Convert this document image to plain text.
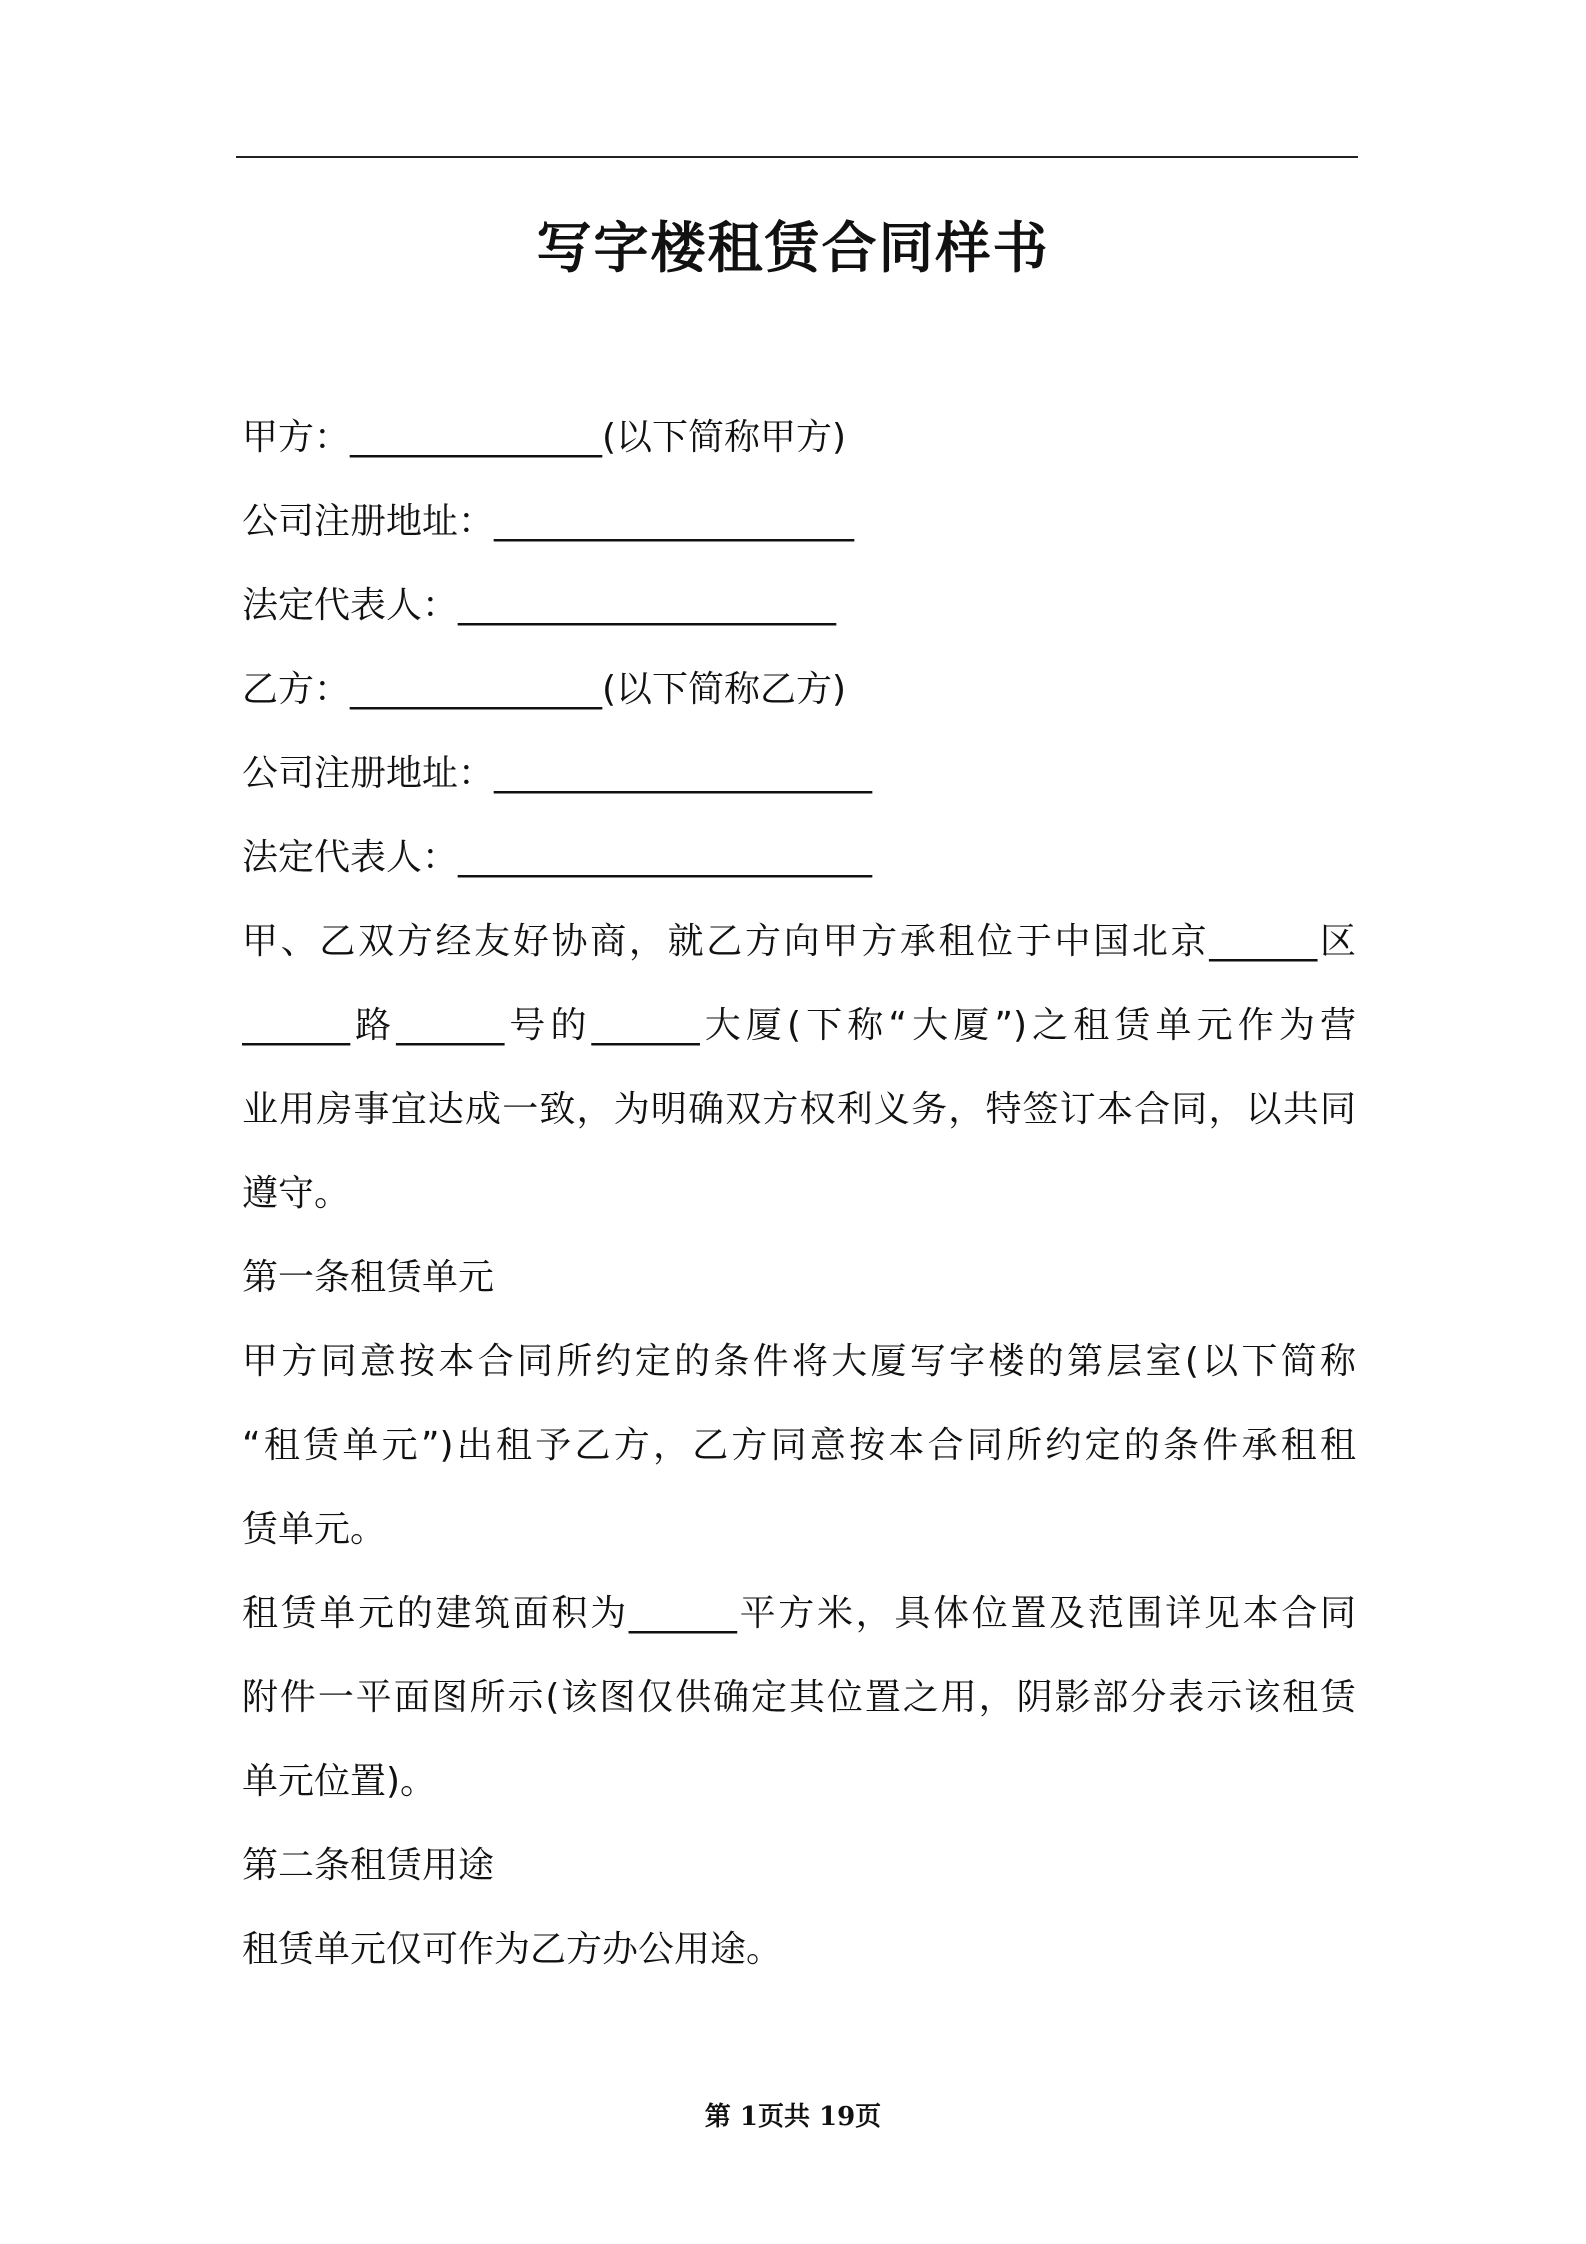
写字楼租赁合同样书
甲方：______________(以下简称甲方)
公司注册地址：____________________
法定代表人：_____________________
乙方：______________(以下简称乙方)
公司注册地址：_____________________
法定代表人：_______________________
甲、乙双方经友好协商，就乙方向甲方承租位于中国北京______区
______路______号的______大厦(下称“大厦”)之租赁单元作为营
业用房事宜达成一致，为明确双方权利义务，特签订本合同，以共同
遵守。
第一条租赁单元
甲方同意按本合同所约定的条件将大厦写字楼的第层室(以下简称
“租赁单元”)出租予乙方，乙方同意按本合同所约定的条件承租租
赁单元。
租赁单元的建筑面积为______平方米，具体位置及范围详见本合同
附件一平面图所示(该图仅供确定其位置之用，阴影部分表示该租赁
单元位置)。
第二条租赁用途
租赁单元仅可作为乙方办公用途。
第 1页共 19页
